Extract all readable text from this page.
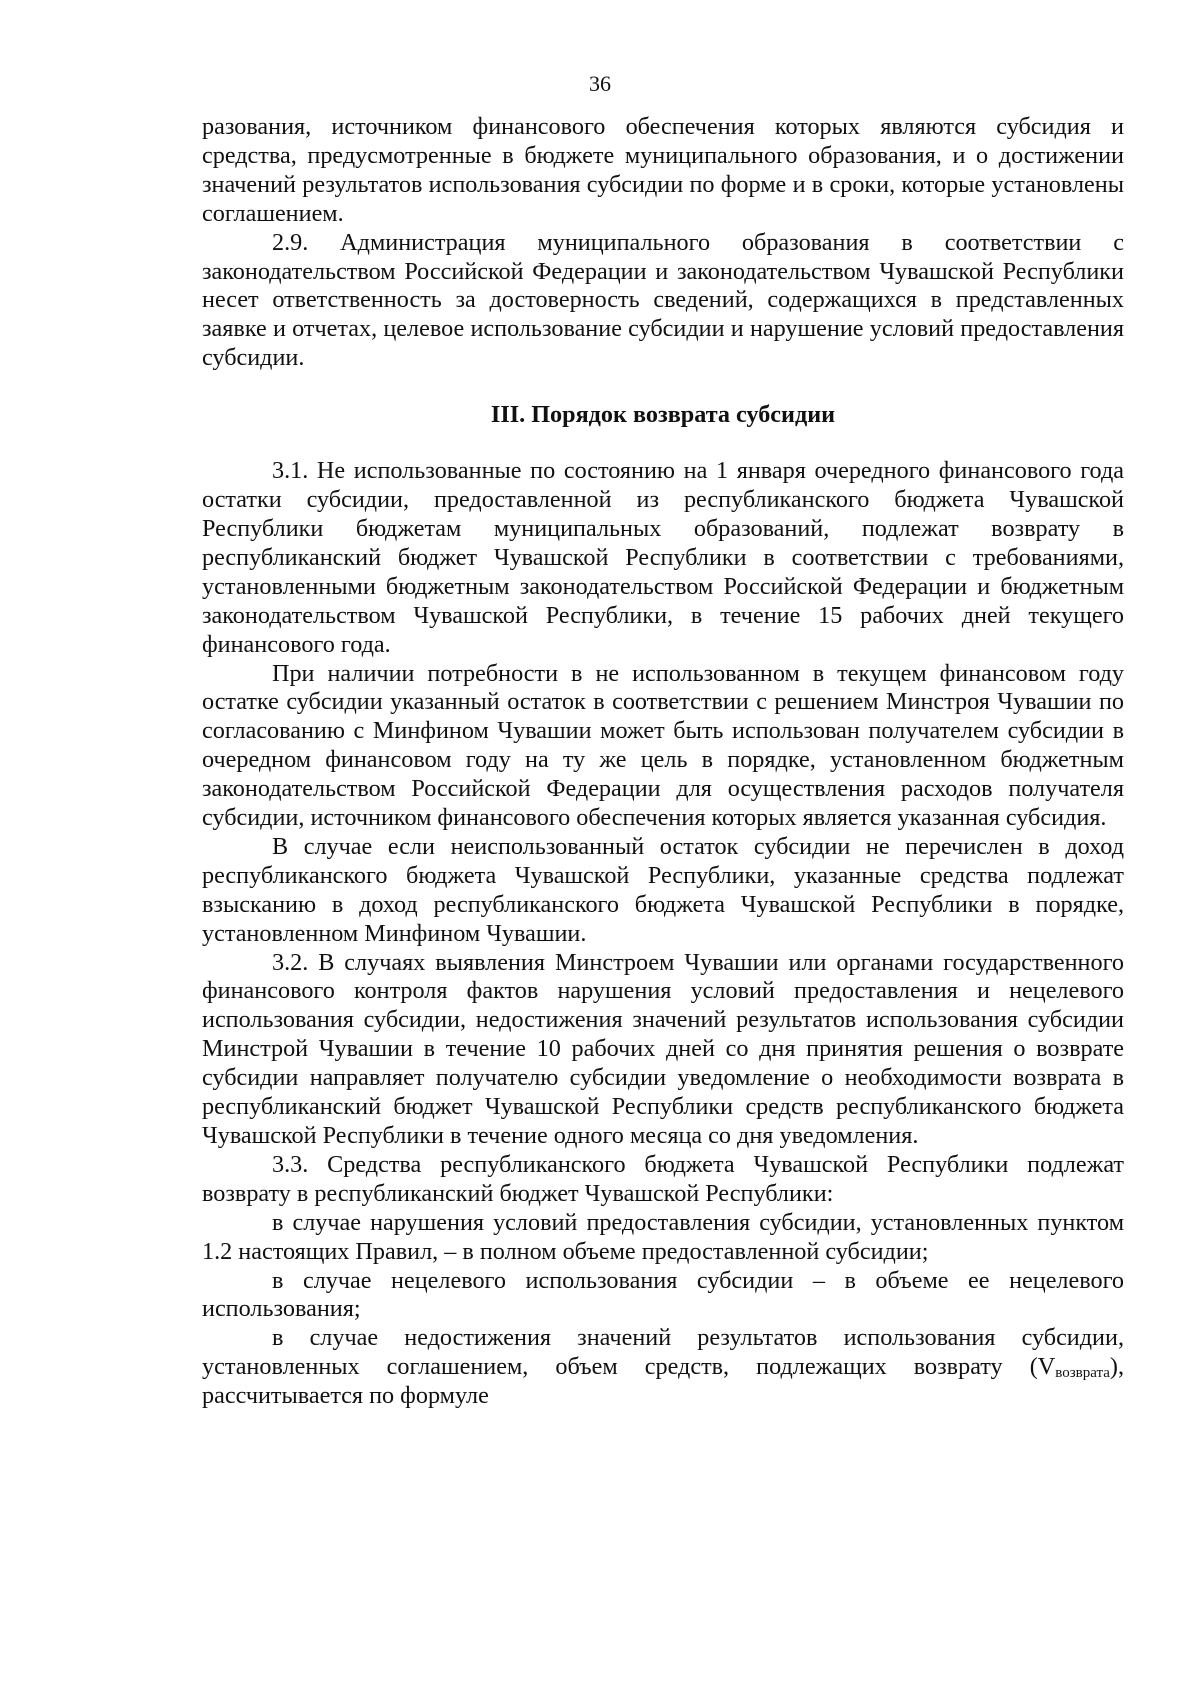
36

разования, источником финансового обеспечения которых являются субсидия и средства, предусмотренные в бюджете муниципального образования, и о достижении значений результатов использования субсидии по форме и в сроки, которые установлены соглашением.

2.9. Администрация муниципального образования в соответствии с законодательством Российской Федерации и законодательством Чувашской Республики несет ответственность за достоверность сведений, содержащихся в представленных заявке и отчетах, целевое использование субсидии и нарушение условий предоставления субсидии.

III. Порядок возврата субсидии

3.1. Не использованные по состоянию на 1 января очередного финансового года остатки субсидии, предоставленной из республиканского бюджета Чувашской Республики бюджетам муниципальных образований, подлежат возврату в республиканский бюджет Чувашской Республики в соответствии с требованиями, установленными бюджетным законодательством Российской Федерации и бюджетным законодательством Чувашской Республики, в течение 15 рабочих дней текущего финансового года.

При наличии потребности в не использованном в текущем финансовом году остатке субсидии указанный остаток в соответствии с решением Минстроя Чувашии по согласованию с Минфином Чувашии может быть использован получателем субсидии в очередном финансовом году на ту же цель в порядке, установленном бюджетным законодательством Российской Федерации для осуществления расходов получателя субсидии, источником финансового обеспечения которых является указанная субсидия.

В случае если неиспользованный остаток субсидии не перечислен в доход республиканского бюджета Чувашской Республики, указанные средства подлежат взысканию в доход республиканского бюджета Чувашской Республики в порядке, установленном Минфином Чувашии.

3.2. В случаях выявления Минстроем Чувашии или органами государственного финансового контроля фактов нарушения условий предоставления и нецелевого использования субсидии, недостижения значений результатов использования субсидии Минстрой Чувашии в течение 10 рабочих дней со дня принятия решения о возврате субсидии направляет получателю субсидии уведомление о необходимости возврата в республиканский бюджет Чувашской Республики средств республиканского бюджета Чувашской Республики в течение одного месяца со дня уведомления.

3.3. Средства республиканского бюджета Чувашской Республики подлежат возврату в республиканский бюджет Чувашской Республики:

в случае нарушения условий предоставления субсидии, установленных пунктом 1.2 настоящих Правил, – в полном объеме предоставленной субсидии;

в случае нецелевого использования субсидии – в объеме ее нецелевого использования;

в случае недостижения значений результатов использования субсидии, установленных соглашением, объем средств, подлежащих возврату $(V_{возврата})$, рассчитывается по формуле
